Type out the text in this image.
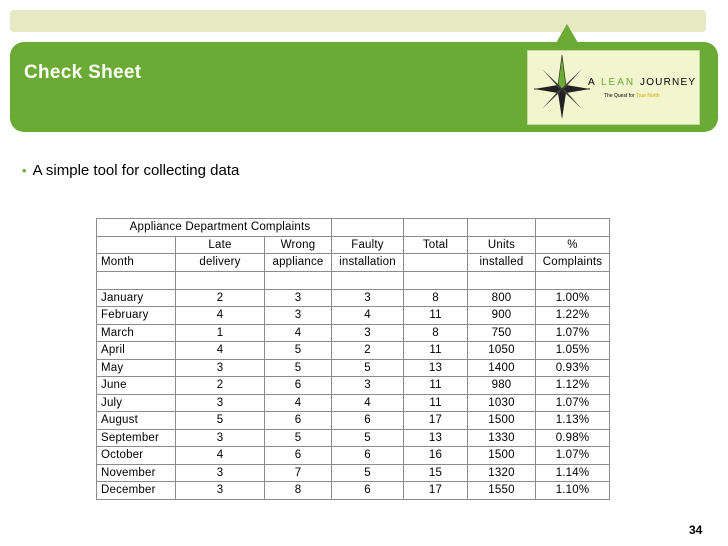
Check Sheet	A LEAN JOURNEY
The Quest for True North
• A simple tool for collecting data
Appliance Department Complaints						
	Late	Wrong	Faulty	Total	Units	%
Month	delivery	appliance	installation		installed	Complaints

January	2	3	3	8	800	1.00%
February	4	3	4	11	900	1.22%
March	1	4	3	8	750	1.07%
April	4	5	2	11	1050	1.05%
May	3	5	5	13	1400	0.93%
June	2	6	3	11	980	1.12%
July	3	4	4	11	1030	1.07%
August	5	6	6	17	1500	1.13%
September	3	5	5	13	1330	0.98%
October	4	6	6	16	1500	1.07%
November	3	7	5	15	1320	1.14%
December	3	8	6	17	1550	1.10%
34
